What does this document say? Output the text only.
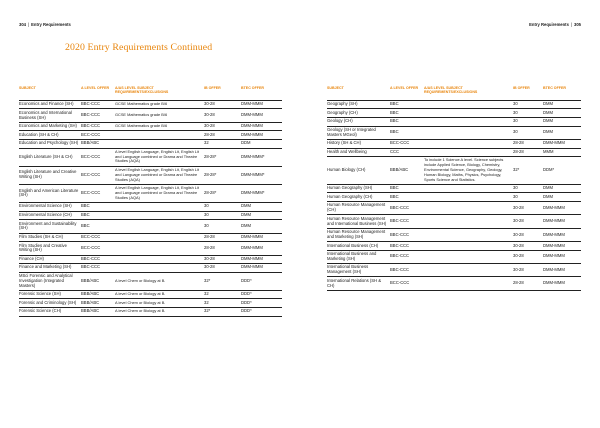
304 | Entry Requirements	Entry Requirements | 305
2020 Entry Requirements Continued
SUBJECT	A LEVEL OFFER	A/AS LEVEL SUBJECT REQUIREMENTS/EXCLUSIONS	IB OFFER	BTEC OFFER
Economics and Finance (SH)	BBC-CCC	GCSE Mathematics grade B/6	30-28	DMM-MMM
Economics and International Business (SH)	BBC-CCC	GCSE Mathematics grade B/6	30-28	DMM-MMM
Economics and Marketing (SH)	BBC-CCC	GCSE Mathematics grade B/6	30-28	DMM-MMM
Education (SH & CH)	BCC-CCC		28-28	DMM-MMM
Education and Psychology (SH)	BBB/ABC		32	DDM
English Literature (SH & CH)	BCC-CCC	A level English Language, English Lit, English Lit and Language combined or Drama and Theatre Studies (AQA)	28-28*	DMM-MMM*
English Literature and Creative Writing (SH)	BCC-CCC	A level English Language, English Lit, English Lit and Language combined or Drama and Theatre Studies (AQA)	28-28*	DMM-MMM*
English and American Literature (SH)	BCC-CCC	A level English Language, English Lit, English Lit and Language combined or Drama and Theatre Studies (AQA)	28-28*	DMM-MMM*
Environmental Science (SH)	BBC		30	DMM
Environmental Science (CH)	BBC		30	DMM
Environment and Sustainability (SH)	BBC		30	DMM
Film Studies (SH & CH)	BCC-CCC		28-28	DMM-MMM
Film Studies and Creative Writing (SH)	BCC-CCC		28-28	DMM-MMM
Finance (CH)	BBC-CCC		30-28	DMM-MMM
Finance and Marketing (SH)	BBC-CCC		30-28	DMM-MMM
MSci Forensic and Analytical Investigation (Integrated Masters)	BBB/ABC	A level Chem or Biology at B.	32*	DDD*
Forensic Science (SH)	BBB/ABC	A level Chem or Biology at B.	32	DDD*
Forensic and Criminology (SH)	BBB/ABC	A level Chem or Biology at B.	32	DDD*
Forensic Science (CH)	BBB/ABC	A level Chem or Biology at B.	32*	DDD*
SUBJECT	A LEVEL OFFER	A/AS LEVEL SUBJECT REQUIREMENTS/EXCLUSIONS	IB OFFER	BTEC OFFER
Geography (SH)	BBC		30	DMM
Geography (CH)	BBC		30	DMM
Geology (CH)	BBC		30	DMM
Geology (SH or Integrated Masters MGeol)	BBC		30	DMM
History (SH & CH)	BCC-CCC		28-28	DMM-MMM
Health and Wellbeing	CCC		28-28	MMM
Human Biology (CH)	BBB/ABC	To include 1 Science A level. Science subjects include Applied Science, Biology, Chemistry, Environmental Science, Geography, Geology, Human Biology, Maths, Physics, Psychology, Sports Science and Statistics.	32*	DDM*
Human Geography (SH)	BBC		30	DMM
Human Geography (CH)	BBC		30	DMM
Human Resource Management (CH)	BBC-CCC		30-28	DMM-MMM
Human Resource Management and International Business (SH)	BBC-CCC		30-28	DMM-MMM
Human Resource Management and Marketing (SH)	BBC-CCC		30-28	DMM-MMM
International Business (CH)	BBC-CCC		30-28	DMM-MMM
International Business and Marketing (SH)	BBC-CCC		30-28	DMM-MMM
International Business Management (SH)	BBC-CCC		30-28	DMM-MMM
International Relations (SH & CH)	BCC-CCC		28-28	DMM-MMM
